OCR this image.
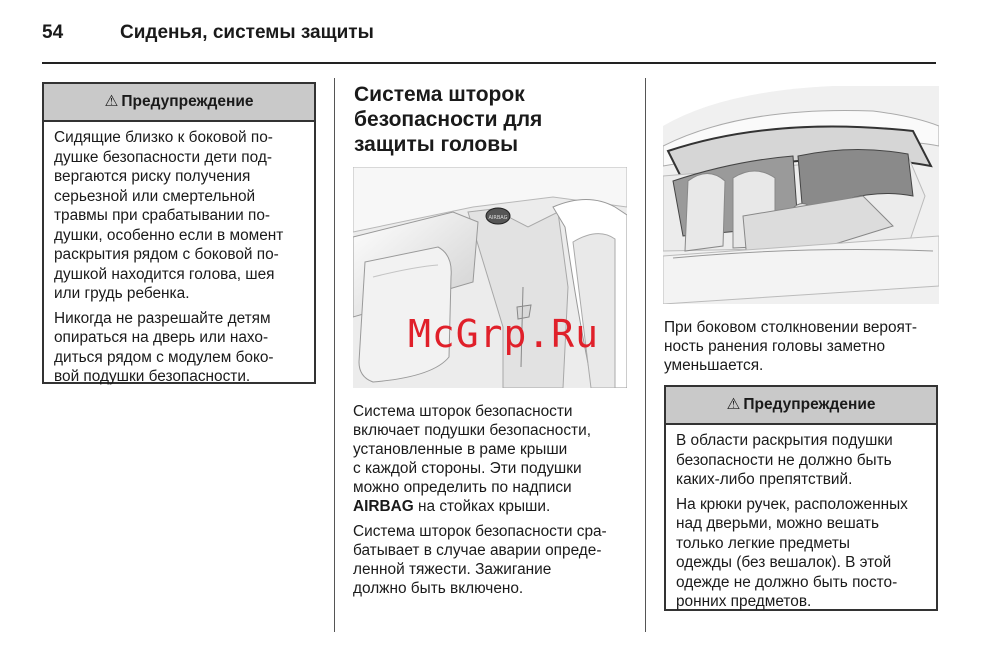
54	Сиденья, системы защиты
⚠ Предупреждение

Сидящие близко к боковой по-
душке безопасности дети под-
вергаются риску получения
серьезной или смертельной
травмы при срабатывании по-
душки, особенно если в момент
раскрытия рядом с боковой по-
душкой находится голова, шея
или грудь ребенка.

Никогда не разрешайте детям
опираться на дверь или нахо-
диться рядом с модулем боко-
вой подушки безопасности.

Система шторок
безопасности для
защиты головы
AIRBAG

Система шторок безопасности
включает подушки безопасности,
установленные в раме крыши
с каждой стороны. Эти подушки
можно определить по надписи
AIRBAG на стойках крыши.

Система шторок безопасности сра-
батывает в случае аварии опреде-
ленной тяжести. Зажигание
должно быть включено.

При боковом столкновении вероят-
ность ранения головы заметно
уменьшается.

⚠ Предупреждение

В области раскрытия подушки
безопасности не должно быть
каких-либо препятствий.

На крюки ручек, расположенных
над дверьми, можно вешать
только легкие предметы
одежды (без вешалок). В этой
одежде не должно быть посто-
ронних предметов.

McGrp.Ru
